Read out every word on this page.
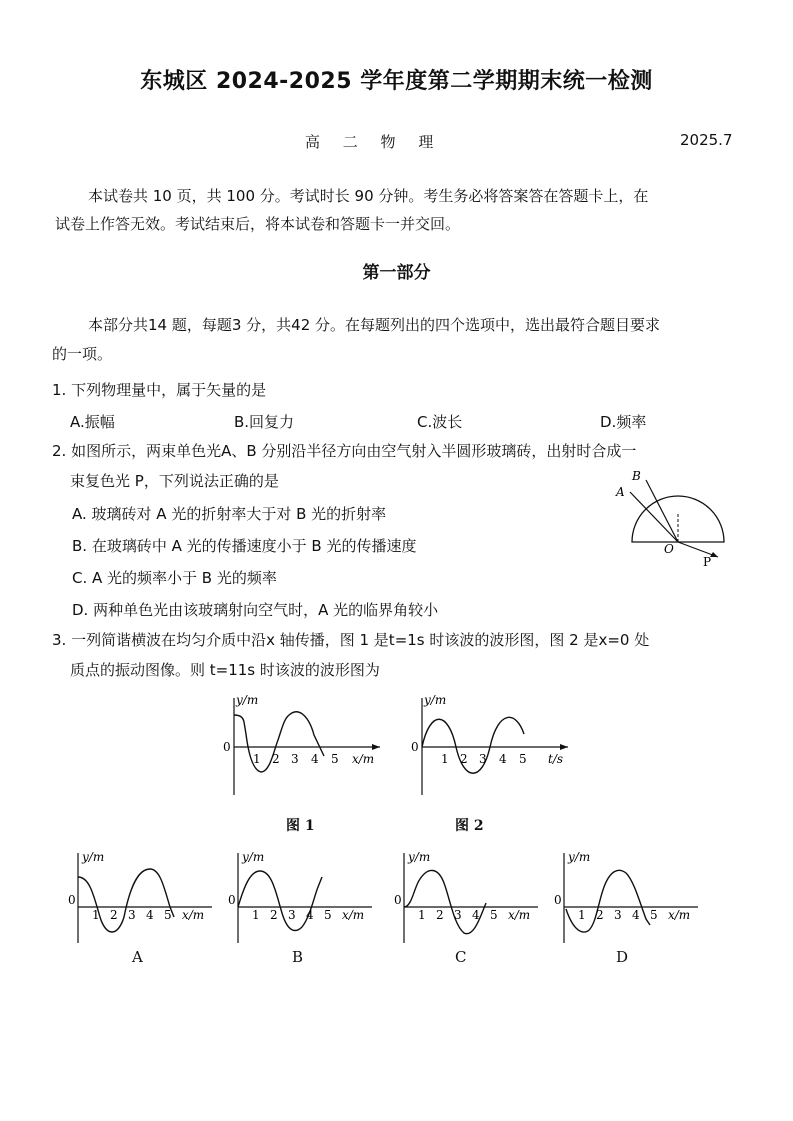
东城区 2024-2025 学年度第二学期期末统一检测
高 二 物 理	2025.7
本试卷共 10 页，共 100 分。考试时长 90 分钟。考生务必将答案答在答题卡上，在
试卷上作答无效。考试结束后，将本试卷和答题卡一并交回。
第一部分
本部分共14 题，每题3 分，共42 分。在每题列出的四个选项中，选出最符合题目要求
的一项。
1. 下列物理量中，属于矢量的是
A.振幅	B.回复力	C.波长	D.频率
2. 如图所示，两束单色光A、B 分别沿半径方向由空气射入半圆形玻璃砖，出射时合成一
束复色光 P，下列说法正确的是
A. 玻璃砖对 A 光的折射率大于对 B 光的折射率
B. 在玻璃砖中 A 光的传播速度小于 B 光的传播速度
C. A 光的频率小于 B 光的频率
D. 两种单色光由该玻璃射向空气时，A 光的临界角较小
A
B
O
P
3. 一列简谐横波在均匀介质中沿x 轴传播，图 1 是t=1s 时该波的波形图，图 2 是x=0 处
质点的振动图像。则 t=11s 时该波的波形图为
y/m
0
1 2 3 4 5 x/m
图 1
y/m
0
1 2 3 4 5 t/s
图 2
y/m
0
1 2 3 4 5 x/m
A
y/m
0
1 2 3 4 5 x/m
B
y/m
0
1 2 3 4 5 x/m
C
y/m
0
1 2 3 4 5 x/m
D
